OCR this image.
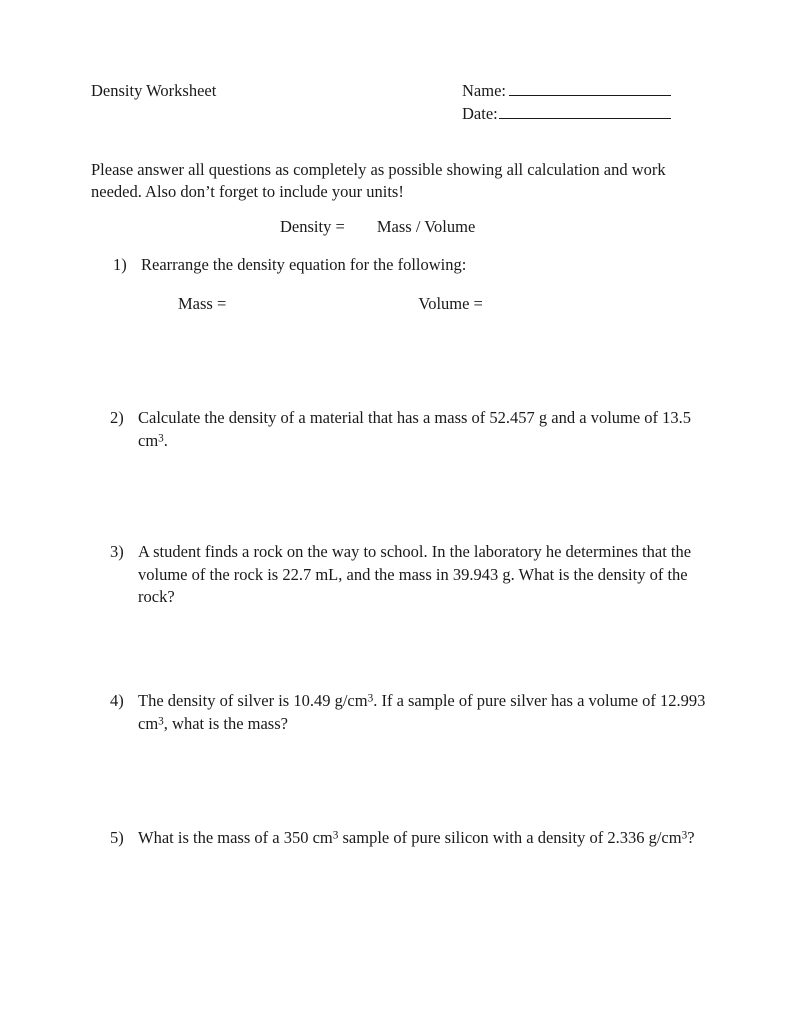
Density Worksheet	Name:
Date:
Please answer all questions as completely as possible showing all calculation and work needed. Also don’t forget to include your units!
Density = Mass / Volume
1) Rearrange the density equation for the following:
Mass =	Volume =
2) Calculate the density of a material that has a mass of 52.457 g and a volume of 13.5 $cm^3$.
3) A student finds a rock on the way to school. In the laboratory he determines that the volume of the rock is 22.7 mL, and the mass in 39.943 g. What is the density of the rock?
4) The density of silver is 10.49 $g/cm^3$. If a sample of pure silver has a volume of 12.993 $cm^3$, what is the mass?
5) What is the mass of a 350 $cm^3$ sample of pure silicon with a density of 2.336 $g/cm^3$?
